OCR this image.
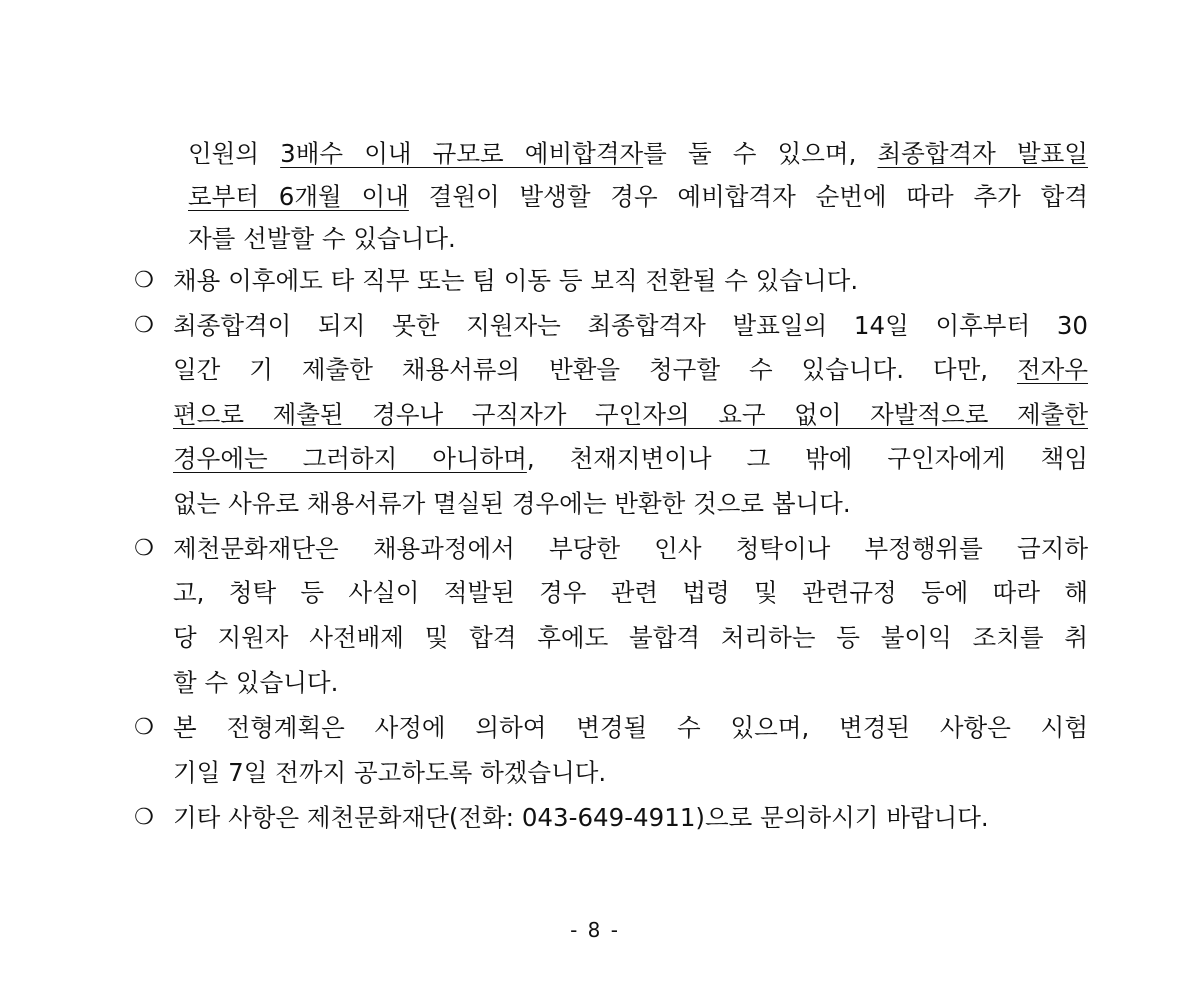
인원의 3배수 이내 규모로 예비합격자를 둘 수 있으며, 최종합격자 발표일
로부터 6개월 이내 결원이 발생할 경우 예비합격자 순번에 따라 추가 합격
자를 선발할 수 있습니다.
❍ 채용 이후에도 타 직무 또는 팀 이동 등 보직 전환될 수 있습니다.
❍ 최종합격이 되지 못한 지원자는 최종합격자 발표일의 14일 이후부터 30
일간 기 제출한 채용서류의 반환을 청구할 수 있습니다. 다만, 전자우
편으로 제출된 경우나 구직자가 구인자의 요구 없이 자발적으로 제출한
경우에는 그러하지 아니하며, 천재지변이나 그 밖에 구인자에게 책임
없는 사유로 채용서류가 멸실된 경우에는 반환한 것으로 봅니다.
❍ 제천문화재단은 채용과정에서 부당한 인사 청탁이나 부정행위를 금지하
고, 청탁 등 사실이 적발된 경우 관련 법령 및 관련규정 등에 따라 해
당 지원자 사전배제 및 합격 후에도 불합격 처리하는 등 불이익 조치를 취
할 수 있습니다.
❍ 본 전형계획은 사정에 의하여 변경될 수 있으며, 변경된 사항은 시험
기일 7일 전까지 공고하도록 하겠습니다.
❍ 기타 사항은 제천문화재단(전화: 043-649-4911)으로 문의하시기 바랍니다.
- 8 -
